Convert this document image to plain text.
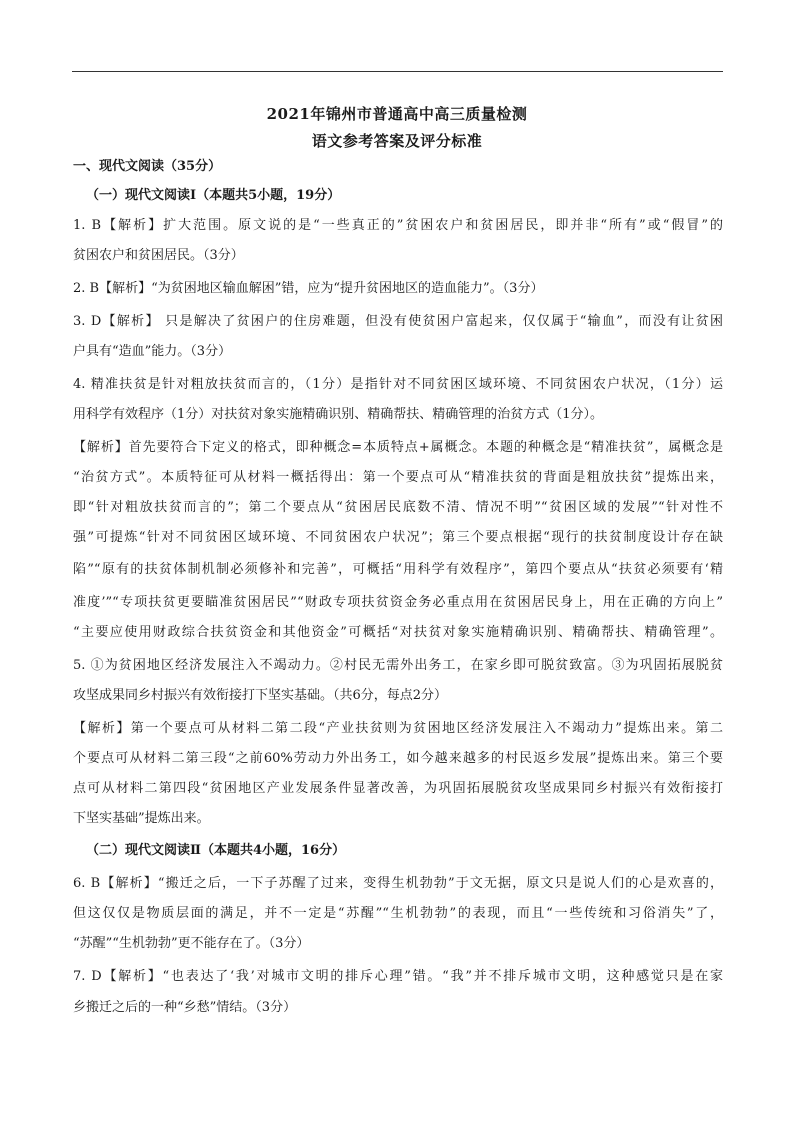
2021年锦州市普通高中高三质量检测
语文参考答案及评分标准
一、现代文阅读（35分）
（一）现代文阅读Ⅰ（本题共5小题，19分）
1. B【解析】扩大范围。原文说的是“一些真正的”贫困农户和贫困居民，即并非“所有”或“假冒”的
贫困农户和贫困居民。（3分）
2. B【解析】“为贫困地区输血解困”错，应为“提升贫困地区的造血能力”。（3分）
3. D【解析】 只是解决了贫困户的住房难题，但没有使贫困户富起来，仅仅属于“输血”，而没有让贫困
户具有“造血”能力。（3分）
4. 精准扶贫是针对粗放扶贫而言的，（1分）是指针对不同贫困区域环境、不同贫困农户状况，（1分）运
用科学有效程序（1分）对扶贫对象实施精确识别、精确帮扶、精确管理的治贫方式（1分）。
【解析】首先要符合下定义的格式，即种概念=本质特点+属概念。本题的种概念是“精准扶贫”，属概念是
“治贫方式”。本质特征可从材料一概括得出：第一个要点可从“精准扶贫的背面是粗放扶贫”提炼出来，
即“针对粗放扶贫而言的”；第二个要点从“贫困居民底数不清、情况不明”“贫困区域的发展”“针对性不
强”可提炼“针对不同贫困区域环境、不同贫困农户状况”；第三个要点根据“现行的扶贫制度设计存在缺
陷”“原有的扶贫体制机制必须修补和完善”，可概括“用科学有效程序”，第四个要点从“扶贫必须要有‘精
准度’”“专项扶贫更要瞄准贫困居民”“财政专项扶贫资金务必重点用在贫困居民身上，用在正确的方向上”
“主要应使用财政综合扶贫资金和其他资金”可概括“对扶贫对象实施精确识别、精确帮扶、精确管理”。
5. ①为贫困地区经济发展注入不竭动力。②村民无需外出务工，在家乡即可脱贫致富。③为巩固拓展脱贫
攻坚成果同乡村振兴有效衔接打下坚实基础。（共6分，每点2分）
【解析】第一个要点可从材料二第二段“产业扶贫则为贫困地区经济发展注入不竭动力”提炼出来。第二
个要点可从材料二第三段“之前60%劳动力外出务工，如今越来越多的村民返乡发展”提炼出来。第三个要
点可从材料二第四段“贫困地区产业发展条件显著改善，为巩固拓展脱贫攻坚成果同乡村振兴有效衔接打
下坚实基础”提炼出来。
（二）现代文阅读Ⅱ（本题共4小题，16分）
6. B【解析】“搬迁之后，一下子苏醒了过来，变得生机勃勃”于文无据，原文只是说人们的心是欢喜的，
但这仅仅是物质层面的满足，并不一定是“苏醒”“生机勃勃”的表现，而且“一些传统和习俗消失”了，
“苏醒”“生机勃勃”更不能存在了。（3分）
7. D【解析】“也表达了‘我’对城市文明的排斥心理”错。“我”并不排斥城市文明，这种感觉只是在家
乡搬迁之后的一种“乡愁”情结。（3分）
